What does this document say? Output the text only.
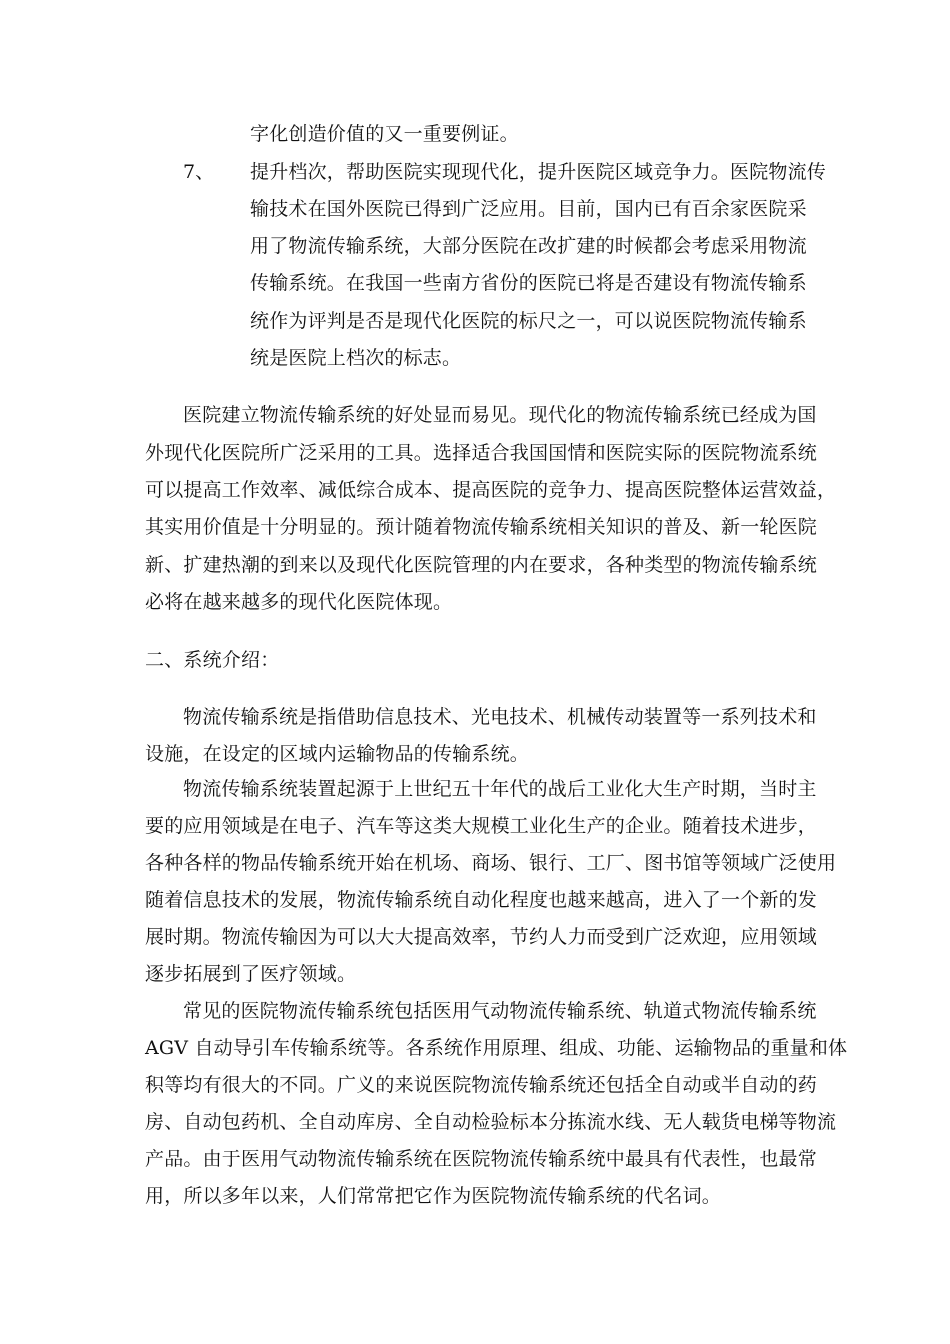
字化创造价值的又一重要例证。
7、 提升档次，帮助医院实现现代化，提升医院区域竞争力。医院物流传
输技术在国外医院已得到广泛应用。目前，国内已有百余家医院采
用了物流传输系统，大部分医院在改扩建的时候都会考虑采用物流
传输系统。在我国一些南方省份的医院已将是否建设有物流传输系
统作为评判是否是现代化医院的标尺之一，可以说医院物流传输系
统是医院上档次的标志。
医院建立物流传输系统的好处显而易见。现代化的物流传输系统已经成为国
外现代化医院所广泛采用的工具。选择适合我国国情和医院实际的医院物流系统
可以提高工作效率、减低综合成本、提高医院的竞争力、提高医院整体运营效益，
其实用价值是十分明显的。预计随着物流传输系统相关知识的普及、新一轮医院
新、扩建热潮的到来以及现代化医院管理的内在要求，各种类型的物流传输系统
必将在越来越多的现代化医院体现。
二、系统介绍：
物流传输系统是指借助信息技术、光电技术、机械传动装置等一系列技术和
设施，在设定的区域内运输物品的传输系统。
物流传输系统装置起源于上世纪五十年代的战后工业化大生产时期，当时主
要的应用领域是在电子、汽车等这类大规模工业化生产的企业。随着技术进步，
各种各样的物品传输系统开始在机场、商场、银行、工厂、图书馆等领域广泛使用
随着信息技术的发展，物流传输系统自动化程度也越来越高，进入了一个新的发
展时期。物流传输因为可以大大提高效率，节约人力而受到广泛欢迎，应用领域
逐步拓展到了医疗领域。
常见的医院物流传输系统包括医用气动物流传输系统、轨道式物流传输系统
AGV 自动导引车传输系统等。各系统作用原理、组成、功能、运输物品的重量和体
积等均有很大的不同。广义的来说医院物流传输系统还包括全自动或半自动的药
房、自动包药机、全自动库房、全自动检验标本分拣流水线、无人载货电梯等物流
产品。由于医用气动物流传输系统在医院物流传输系统中最具有代表性，也最常
用，所以多年以来，人们常常把它作为医院物流传输系统的代名词。
